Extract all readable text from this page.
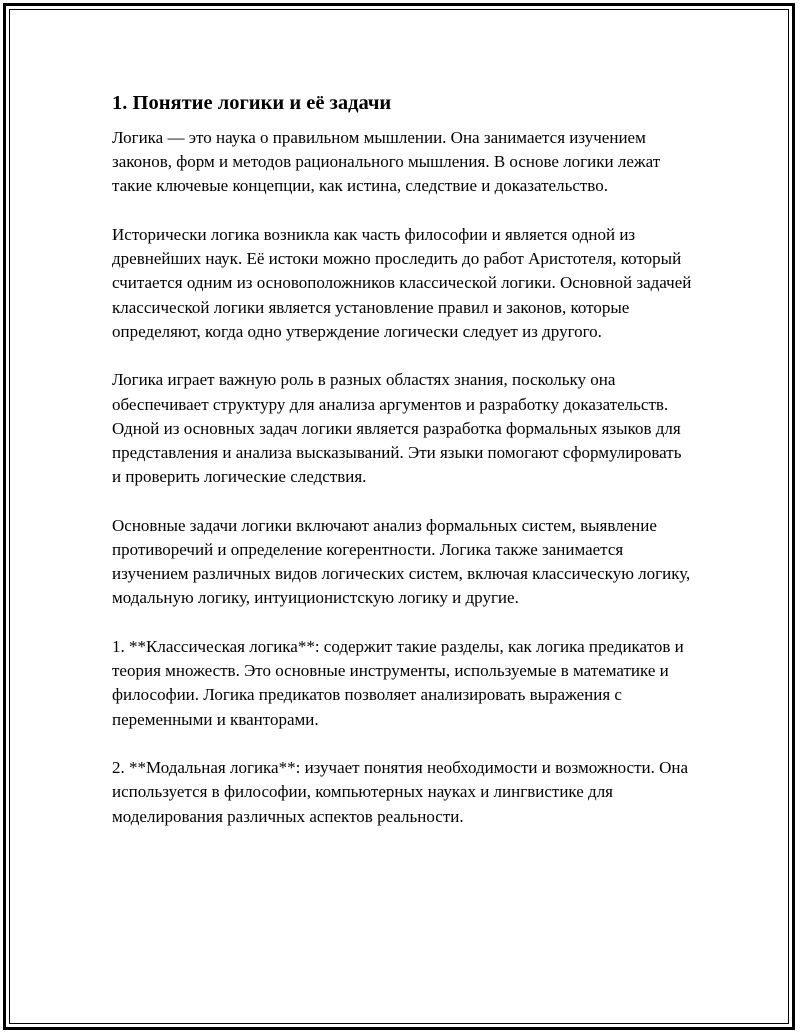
1. Понятие логики и её задачи

Логика — это наука о правильном мышлении. Она занимается изучением законов, форм и методов рационального мышления. В основе логики лежат такие ключевые концепции, как истина, следствие и доказательство.

Исторически логика возникла как часть философии и является одной из древнейших наук. Её истоки можно проследить до работ Аристотеля, который считается одним из основоположников классической логики. Основной задачей классической логики является установление правил и законов, которые определяют, когда одно утверждение логически следует из другого.

Логика играет важную роль в разных областях знания, поскольку она обеспечивает структуру для анализа аргументов и разработку доказательств. Одной из основных задач логики является разработка формальных языков для представления и анализа высказываний. Эти языки помогают сформулировать и проверить логические следствия.

Основные задачи логики включают анализ формальных систем, выявление противоречий и определение когерентности. Логика также занимается изучением различных видов логических систем, включая классическую логику, модальную логику, интуиционистскую логику и другие.

1. **Классическая логика**: содержит такие разделы, как логика предикатов и теория множеств. Это основные инструменты, используемые в математике и философии. Логика предикатов позволяет анализировать выражения с переменными и кванторами.

2. **Модальная логика**: изучает понятия необходимости и возможности. Она используется в философии, компьютерных науках и лингвистике для моделирования различных аспектов реальности.
